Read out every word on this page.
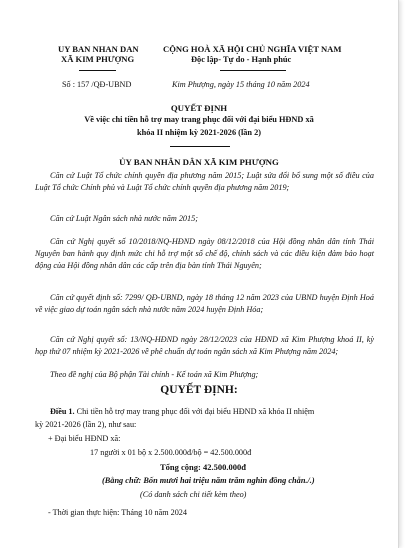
UY BAN NHAN DAN
XÃ KIM PHƯỢNG
CỘNG HOÀ XÃ HỘI CHỦ NGHĨA VIỆT NAM
Độc lập- Tự do - Hạnh phúc
Số : 157 /QĐ-UBND	Kim Phượng, ngày 15 tháng 10 năm 2024
QUYẾT ĐỊNH
Về việc chi tiền hỗ trợ may trang phục đối với đại biểu HĐND xã
khóa II nhiệm kỳ 2021-2026 (lần 2)
ỦY BAN NHÂN DÂN XÃ KIM PHƯỢNG
Căn cứ Luật Tổ chức chính quyền địa phương năm 2015; Luật sửa đổi bổ sung một số điều của Luật Tổ chức Chính phủ và Luật Tổ chức chính quyền địa phương năm 2019;
Căn cứ Luật Ngân sách nhà nước năm 2015;
Căn cứ Nghị quyết số 10/2018/NQ-HĐND ngày 08/12/2018 của Hội đồng nhân dân tỉnh Thái Nguyên ban hành quy định mức chi hỗ trợ một số chế độ, chính sách và các điều kiện đảm bảo hoạt động của Hội đồng nhân dân các cấp trên địa bàn tỉnh Thái Nguyên;
Căn cứ quyết định số: 7299/ QĐ-UBND, ngày 18 tháng 12 năm 2023 của UBND huyện Định Hoá về việc giao dự toán ngân sách nhà nước năm 2024 huyện Định Hóa;
Căn cứ Nghị quyết số: 13/NQ-HĐND ngày 28/12/2023 của HĐND xã Kim Phượng khoá II, kỳ họp thứ 07 nhiệm kỳ 2021-2026 về phê chuẩn dự toán ngân sách xã Kim Phượng năm 2024;
Theo đề nghị của Bộ phận Tài chính - Kế toán xã Kim Phượng;
QUYẾT ĐỊNH:
Điều 1. Chi tiền hỗ trợ may trang phục đối với đại biểu HĐND xã khóa II nhiệm
kỳ 2021-2026 (lần 2), như sau:
+ Đại biểu HĐND xã:
17 người x 01 bộ x 2.500.000đ/bộ = 42.500.000đ
Tổng cộng: 42.500.000đ
(Bằng chữ: Bốn mươi hai triệu năm trăm nghìn đồng chẵn./.)
(Có danh sách chi tiết kèm theo)
- Thời gian thực hiện: Tháng 10 năm 2024
